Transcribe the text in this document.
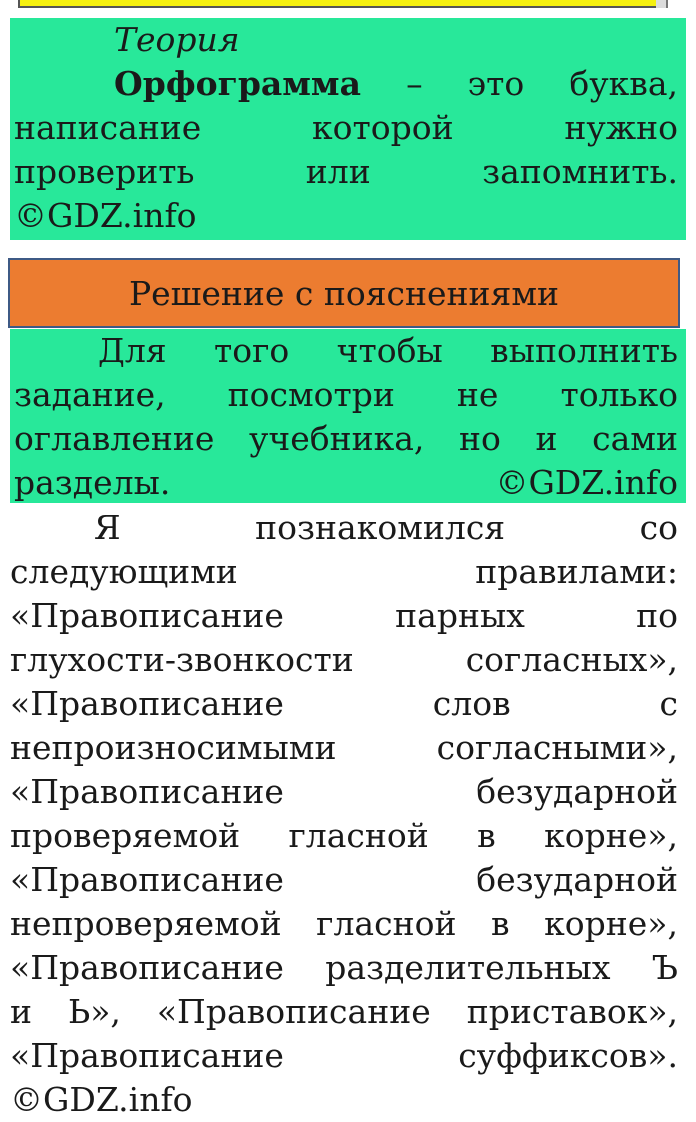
Теория
Орфограмма – это буква,
написание	которой	нужно
проверить	или	запомнить.
©GDZ.info
Решение с пояснениями
Для того чтобы выполнить
задание, посмотри не только
оглавление учебника, но и сами
разделы. ©GDZ.info
Я	познакомился	со
следующими	правилами:
«Правописание	парных	по
глухости-звонкости	согласных»,
«Правописание	слов	с
непроизносимыми	согласными»,
«Правописание	безударной
проверяемой гласной в корне»,
«Правописание	безударной
непроверяемой гласной в корне»,
«Правописание разделительных Ъ
и Ь», «Правописание приставок»,
«Правописание	суффиксов».
©GDZ.info
